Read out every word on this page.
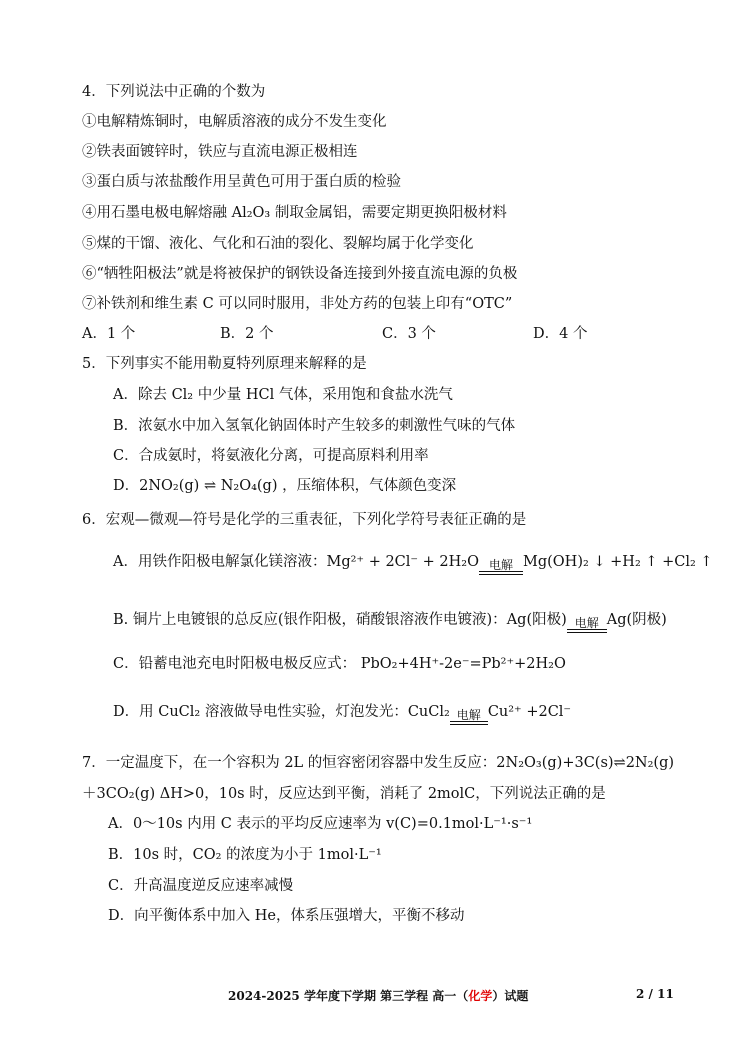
4．下列说法中正确的个数为
①电解精炼铜时，电解质溶液的成分不发生变化
②铁表面镀锌时，铁应与直流电源正极相连
③蛋白质与浓盐酸作用呈黄色可用于蛋白质的检验
④用石墨电极电解熔融 Al₂O₃ 制取金属铝，需要定期更换阳极材料
⑤煤的干馏、液化、气化和石油的裂化、裂解均属于化学变化
⑥“牺牲阳极法”就是将被保护的钢铁设备连接到外接直流电源的负极
⑦补铁剂和维生素 C 可以同时服用，非处方药的包装上印有“OTC”
A．1 个	B．2 个	C．3 个	D．4 个
5．下列事实不能用勒夏特列原理来解释的是
A．除去 Cl₂ 中少量 HCl 气体，采用饱和食盐水洗气
B．浓氨水中加入氢氧化钠固体时产生较多的刺激性气味的气体
C．合成氨时，将氨液化分离，可提高原料利用率
D．2NO₂(g) ⇌ N₂O₄(g) ，压缩体积，气体颜色变深
6．宏观—微观—符号是化学的三重表征，下列化学符号表征正确的是
A．用铁作阳极电解氯化镁溶液：Mg²⁺ + 2Cl⁻ + 2H₂O 电解 Mg(OH)₂ ↓ +H₂ ↑ +Cl₂ ↑
B. 铜片上电镀银的总反应(银作阳极，硝酸银溶液作电镀液)：Ag(阳极) 电解 Ag(阴极)
C．铅蓄电池充电时阳极电极反应式： PbO₂+4H⁺-2e⁻=Pb²⁺+2H₂O
D．用 CuCl₂ 溶液做导电性实验，灯泡发光：CuCl₂ 电解 Cu²⁺ +2Cl⁻
7．一定温度下，在一个容积为 2L 的恒容密闭容器中发生反应：2N₂O₃(g)+3C(s)⇌2N₂(g)
＋3CO₂(g) ΔH>0，10s 时，反应达到平衡，消耗了 2molC，下列说法正确的是
A．0～10s 内用 C 表示的平均反应速率为 v(C)=0.1mol·L⁻¹·s⁻¹
B．10s 时，CO₂ 的浓度为小于 1mol·L⁻¹
C．升高温度逆反应速率减慢
D．向平衡体系中加入 He，体系压强增大，平衡不移动
2024-2025 学年度下学期 第三学程 高一（化学）试题	2 / 11
